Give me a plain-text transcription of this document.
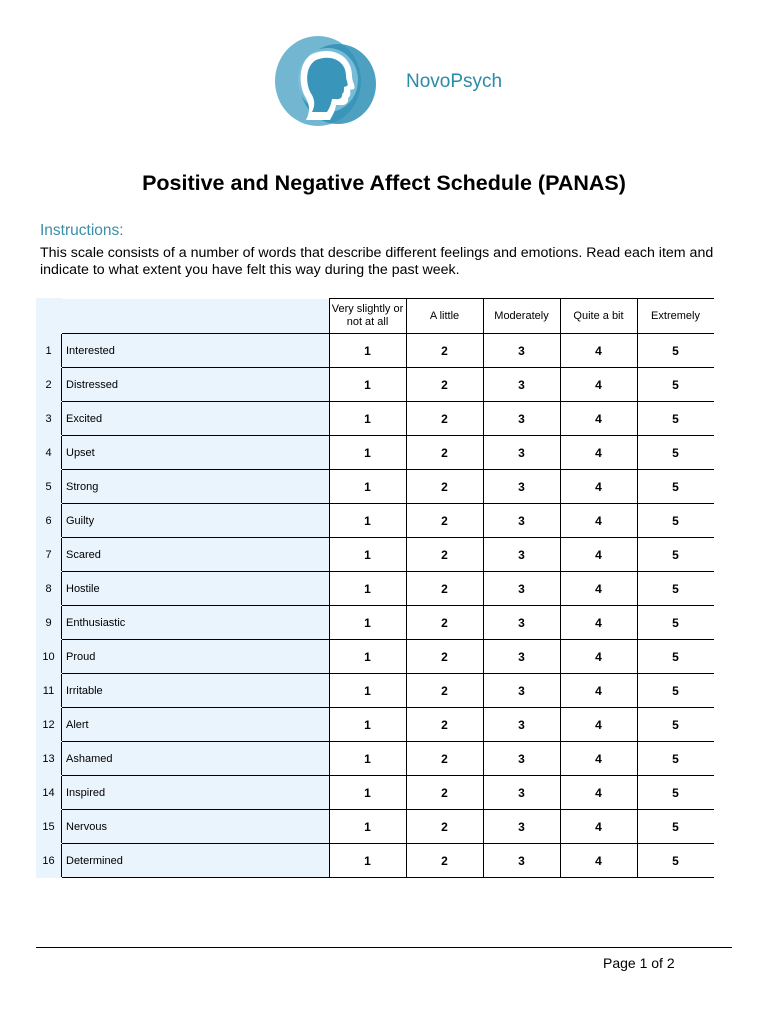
NovoPsych
Positive and Negative Affect Schedule (PANAS)
Instructions:
This scale consists of a number of words that describe different feelings and emotions. Read each item and indicate to what extent you have felt this way during the past week.
		Very slightly or not at all	A little	Moderately	Quite a bit	Extremely
1	Interested	1	2	3	4	5
2	Distressed	1	2	3	4	5
3	Excited	1	2	3	4	5
4	Upset	1	2	3	4	5
5	Strong	1	2	3	4	5
6	Guilty	1	2	3	4	5
7	Scared	1	2	3	4	5
8	Hostile	1	2	3	4	5
9	Enthusiastic	1	2	3	4	5
10	Proud	1	2	3	4	5
11	Irritable	1	2	3	4	5
12	Alert	1	2	3	4	5
13	Ashamed	1	2	3	4	5
14	Inspired	1	2	3	4	5
15	Nervous	1	2	3	4	5
16	Determined	1	2	3	4	5
Page 1 of 2
